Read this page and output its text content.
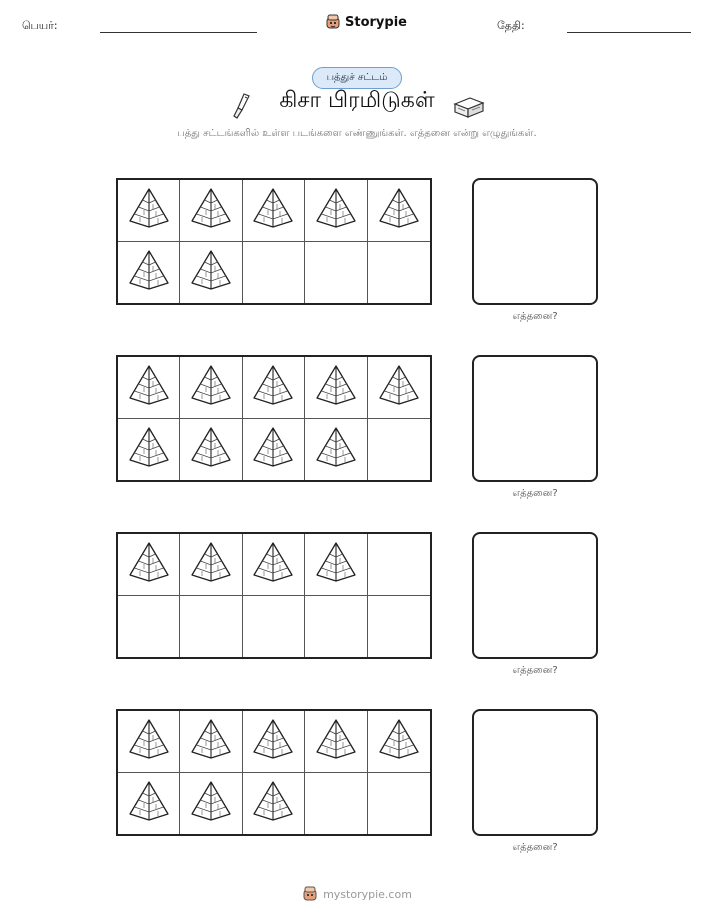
பெயர்:	Storypie	தேதி:
பத்துச் சட்டம்
கிசா பிரமிடுகள்
பத்து சட்டங்களில் உள்ள படங்களை எண்ணுங்கள். எத்தனை என்று எழுதுங்கள்.
எத்தனை?
எத்தனை?
எத்தனை?
எத்தனை?
mystorypie.com
